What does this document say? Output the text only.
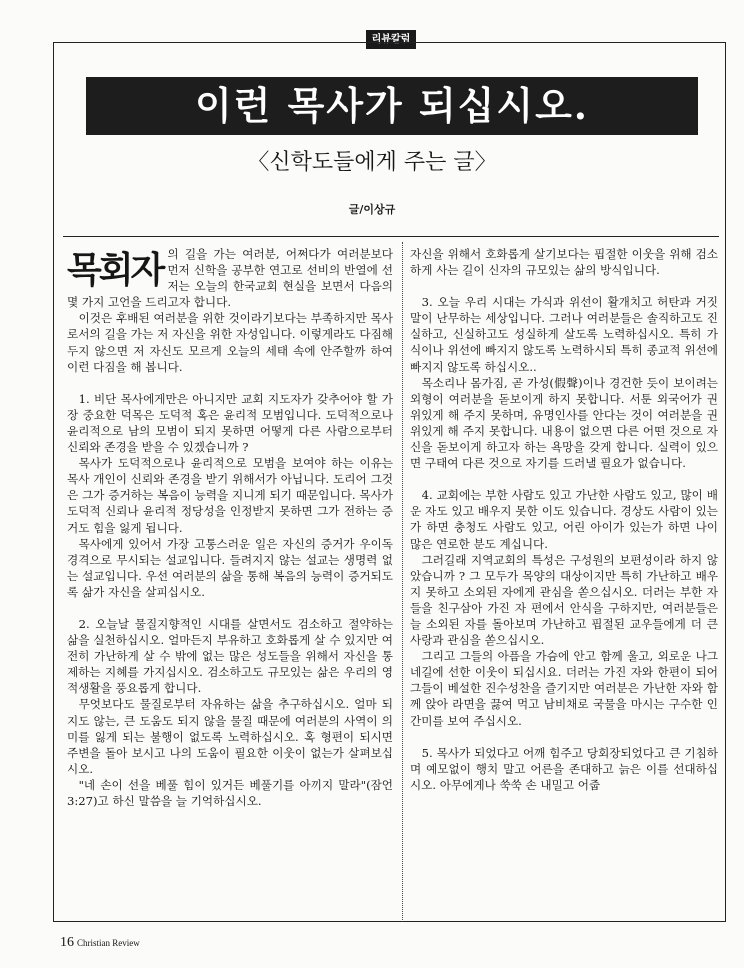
리뷰칼럼
이런 목사가 되십시오.
〈신학도들에게 주는 글〉
글/이상규

목회자 의 길을 가는 여러분, 어쩌다가 여러분보다 먼저 신학을 공부한 연고로 선비의 반열에 선 저는 오늘의 한국교회 현실을 보면서 다음의 몇 가지 고언을 드리고자 합니다.

이것은 후배된 여러분을 위한 것이라기보다는 부족하지만 목사로서의 길을 가는 저 자신을 위한 자성입니다. 이렇게라도 다짐해 두지 않으면 저 자신도 모르게 오늘의 세태 속에 안주할까 하여 이런 다짐을 해 봅니다.

1. 비단 목사에게만은 아니지만 교회 지도자가 갖추어야 할 가장 중요한 덕목은 도덕적 혹은 윤리적 모범입니다. 도덕적으로나 윤리적으로 남의 모범이 되지 못하면 어떻게 다른 사람으로부터 신뢰와 존경을 받을 수 있겠습니까 ?

목사가 도덕적으로나 윤리적으로 모범을 보여야 하는 이유는 목사 개인이 신뢰와 존경을 받기 위해서가 아닙니다. 도리어 그것은 그가 증거하는 복음이 능력을 지니게 되기 때문입니다. 목사가 도덕적 신뢰나 윤리적 정당성을 인정받지 못하면 그가 전하는 증거도 힘을 잃게 됩니다.

목사에게 있어서 가장 고통스러운 일은 자신의 증거가 우이독경격으로 무시되는 설교입니다. 들려지지 않는 설교는 생명력 없는 설교입니다. 우선 여러분의 삶을 통해 복음의 능력이 증거되도록 삶가 자신을 살피십시오.

2. 오늘날 물질지향적인 시대를 살면서도 검소하고 절약하는 삶을 실천하십시오. 얼마든지 부유하고 호화롭게 살 수 있지만 여전히 가난하게 살 수 밖에 없는 많은 성도들을 위해서 자신을 통제하는 지혜를 가지십시오. 검소하고도 규모있는 삶은 우리의 영적생활을 풍요롭게 합니다.

무엇보다도 물질로부터 자유하는 삶을 추구하십시오. 얼마 되지도 않는, 큰 도움도 되지 않을 물질 때문에 여러분의 사역이 의미를 잃게 되는 불행이 없도록 노력하십시오. 혹 형편이 되시면 주변을 돌아 보시고 나의 도움이 필요한 이웃이 없는가 살펴보십시오.

"네 손이 선을 베풀 힘이 있거든 베풀기를 아끼지 말라"(잠언 3:27)고 하신 말씀을 늘 기억하십시오.

자신을 위해서 호화롭게 살기보다는 핍절한 이웃을 위해 검소하게 사는 길이 신자의 규모있는 삶의 방식입니다.

3. 오늘 우리 시대는 가식과 위선이 활개치고 허탄과 거짓말이 난무하는 세상입니다. 그러나 여러분들은 솔직하고도 진실하고, 신실하고도 성실하게 살도록 노력하십시오. 특히 가식이나 위선에 빠지지 않도록 노력하시되 특히 종교적 위선에 빠지지 않도록 하십시오..

목소리나 몸가짐, 곧 가성(假聲)이나 경건한 듯이 보이려는 외형이 여러분을 돋보이게 하지 못합니다. 서툰 외국어가 권위있게 해 주지 못하며, 유명인사를 안다는 것이 여러분을 권위있게 해 주지 못합니다. 내용이 없으면 다른 어떤 것으로 자신을 돋보이게 하고자 하는 욕망을 갖게 합니다. 실력이 있으면 구태여 다른 것으로 자기를 드러낼 필요가 없습니다.

4. 교회에는 부한 사람도 있고 가난한 사람도 있고, 많이 배운 자도 있고 배우지 못한 이도 있습니다. 경상도 사람이 있는가 하면 충청도 사람도 있고, 어린 아이가 있는가 하면 나이 많은 연로한 분도 계십니다.

그러길래 지역교회의 특성은 구성원의 보편성이라 하지 않았습니까 ? 그 모두가 목양의 대상이지만 특히 가난하고 배우지 못하고 소외된 자에게 관심을 쏟으십시오. 더러는 부한 자들을 친구삼아 가진 자 편에서 안식을 구하지만, 여러분들은 늘 소외된 자를 돌아보며 가난하고 핍절된 교우들에게 더 큰 사랑과 관심을 쏟으십시오.

그리고 그들의 아픔을 가슴에 안고 함께 울고, 외로운 나그네길에 선한 이웃이 되십시요. 더러는 가진 자와 한편이 되어 그들이 베설한 진수성찬을 즐기지만 여러분은 가난한 자와 함께 앉아 라면을 끓여 먹고 남비채로 국물을 마시는 구수한 인간미를 보여 주십시오.

5. 목사가 되었다고 어깨 힘주고 당회장되었다고 큰 기침하며 예모없이 행치 말고 어른을 존대하고 늙은 이를 선대하십시오. 아무에게나 쑥쑥 손 내밀고 어줍

16 Christian Review
